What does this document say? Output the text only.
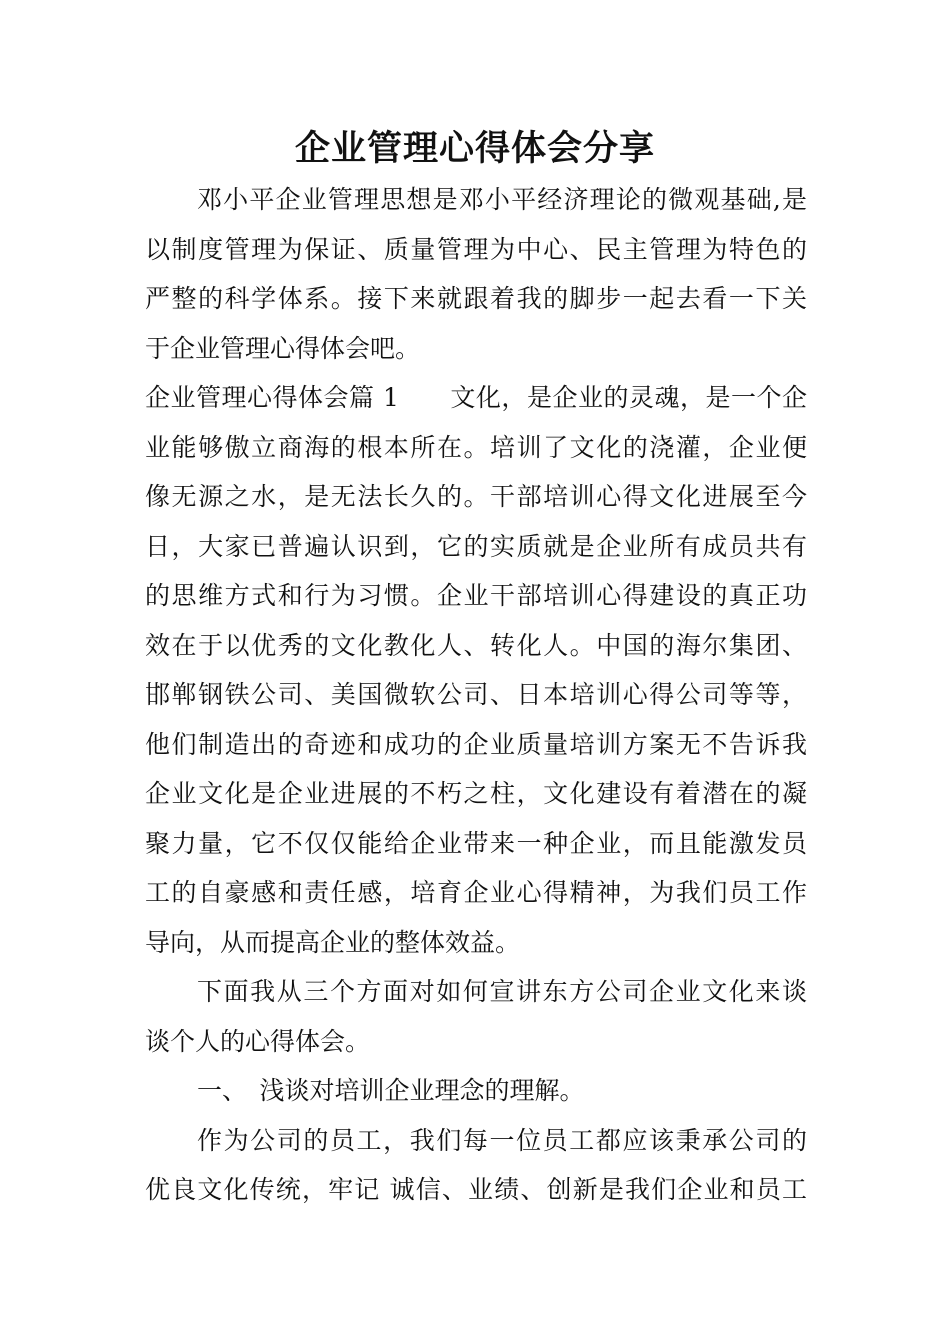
企业管理心得体会分享
邓小平企业管理思想是邓小平经济理论的微观基础,是
以制度管理为保证、质量管理为中心、民主管理为特色的
严整的科学体系。接下来就跟着我的脚步一起去看一下关
于企业管理心得体会吧。
企业管理心得体会篇 1　　文化，是企业的灵魂，是一个企
业能够傲立商海的根本所在。培训了文化的浇灌，企业便
像无源之水，是无法长久的。干部培训心得文化进展至今
日，大家已普遍认识到，它的实质就是企业所有成员共有
的思维方式和行为习惯。企业干部培训心得建设的真正功
效在于以优秀的文化教化人、转化人。中国的海尔集团、
邯郸钢铁公司、美国微软公司、日本培训心得公司等等，
他们制造出的奇迹和成功的企业质量培训方案无不告诉我
企业文化是企业进展的不朽之柱，文化建设有着潜在的凝
聚力量，它不仅仅能给企业带来一种企业，而且能激发员
工的自豪感和责任感，培育企业心得精神，为我们员工作
导向，从而提高企业的整体效益。
下面我从三个方面对如何宣讲东方公司企业文化来谈
谈个人的心得体会。
一、　浅谈对培训企业理念的理解。
作为公司的员工，我们每一位员工都应该秉承公司的
优良文化传统，牢记 诚信、业绩、创新是我们企业和员工
